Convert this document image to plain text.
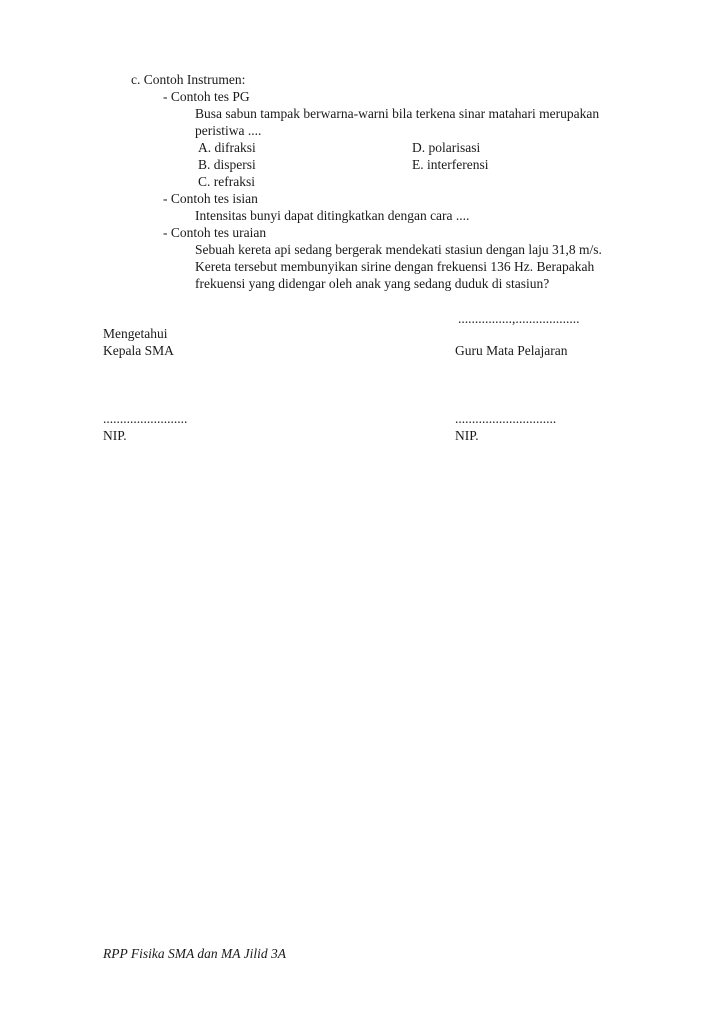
c. Contoh Instrumen:
- Contoh tes PG
Busa sabun tampak berwarna-warni bila terkena sinar matahari merupakan
peristiwa ....
A. difraksi	D. polarisasi
B. dispersi	E. interferensi
C. refraksi
- Contoh tes isian
Intensitas bunyi dapat ditingkatkan dengan cara ....
- Contoh tes uraian
Sebuah kereta api sedang bergerak mendekati stasiun dengan laju 31,8 m/s.
Kereta tersebut membunyikan sirine dengan frekuensi 136 Hz. Berapakah
frekuensi yang didengar oleh anak yang sedang duduk di stasiun?
................,...................
Mengetahui
Kepala SMA	Guru Mata Pelajaran
.........................	..............................
NIP.	NIP.
RPP Fisika SMA dan MA Jilid 3A
